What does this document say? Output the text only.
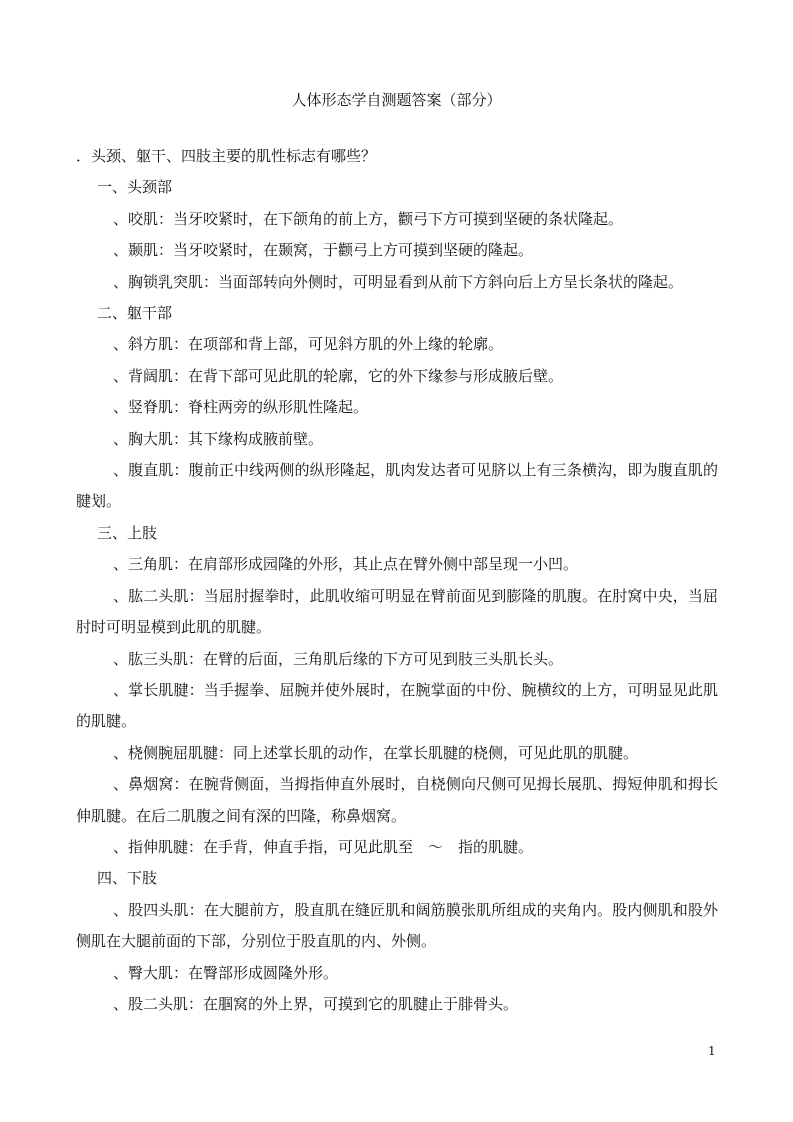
人体形态学自测题答案（部分）

．头颈、躯干、四肢主要的肌性标志有哪些？

一、头颈部

、咬肌：当牙咬紧时，在下颌角的前上方，颧弓下方可摸到坚硬的条状隆起。

、颞肌：当牙咬紧时，在颞窝，于颧弓上方可摸到坚硬的隆起。

、胸锁乳突肌：当面部转向外侧时，可明显看到从前下方斜向后上方呈长条状的隆起。

二、躯干部

、斜方肌：在项部和背上部，可见斜方肌的外上缘的轮廓。

、背阔肌：在背下部可见此肌的轮廓，它的外下缘参与形成腋后壁。

、竖脊肌：脊柱两旁的纵形肌性隆起。

、胸大肌：其下缘构成腋前壁。

、腹直肌：腹前正中线两侧的纵形隆起，肌肉发达者可见脐以上有三条横沟，即为腹直肌的腱划。

三、上肢

、三角肌：在肩部形成园隆的外形，其止点在臂外侧中部呈现一小凹。

、肱二头肌：当屈肘握拳时，此肌收缩可明显在臂前面见到膨隆的肌腹。在肘窝中央，当屈肘时可明显模到此肌的肌腱。

、肱三头肌：在臂的后面，三角肌后缘的下方可见到肢三头肌长头。

、掌长肌腱：当手握拳、屈腕并使外展时，在腕掌面的中份、腕横纹的上方，可明显见此肌的肌腱。

、桡侧腕屈肌腱：同上述掌长肌的动作，在掌长肌腱的桡侧，可见此肌的肌腱。

、鼻烟窝：在腕背侧面，当拇指伸直外展时，自桡侧向尺侧可见拇长展肌、拇短伸肌和拇长伸肌腱。在后二肌腹之间有深的凹隆，称鼻烟窝。

、指伸肌腱：在手背，伸直手指，可见此肌至　～　指的肌腱。

四、下肢

、股四头肌：在大腿前方，股直肌在缝匠肌和阔筋膜张肌所组成的夹角内。股内侧肌和股外侧肌在大腿前面的下部，分别位于股直肌的内、外侧。

、臀大肌：在臀部形成圆隆外形。

、股二头肌：在腘窝的外上界，可摸到它的肌腱止于腓骨头。

1
